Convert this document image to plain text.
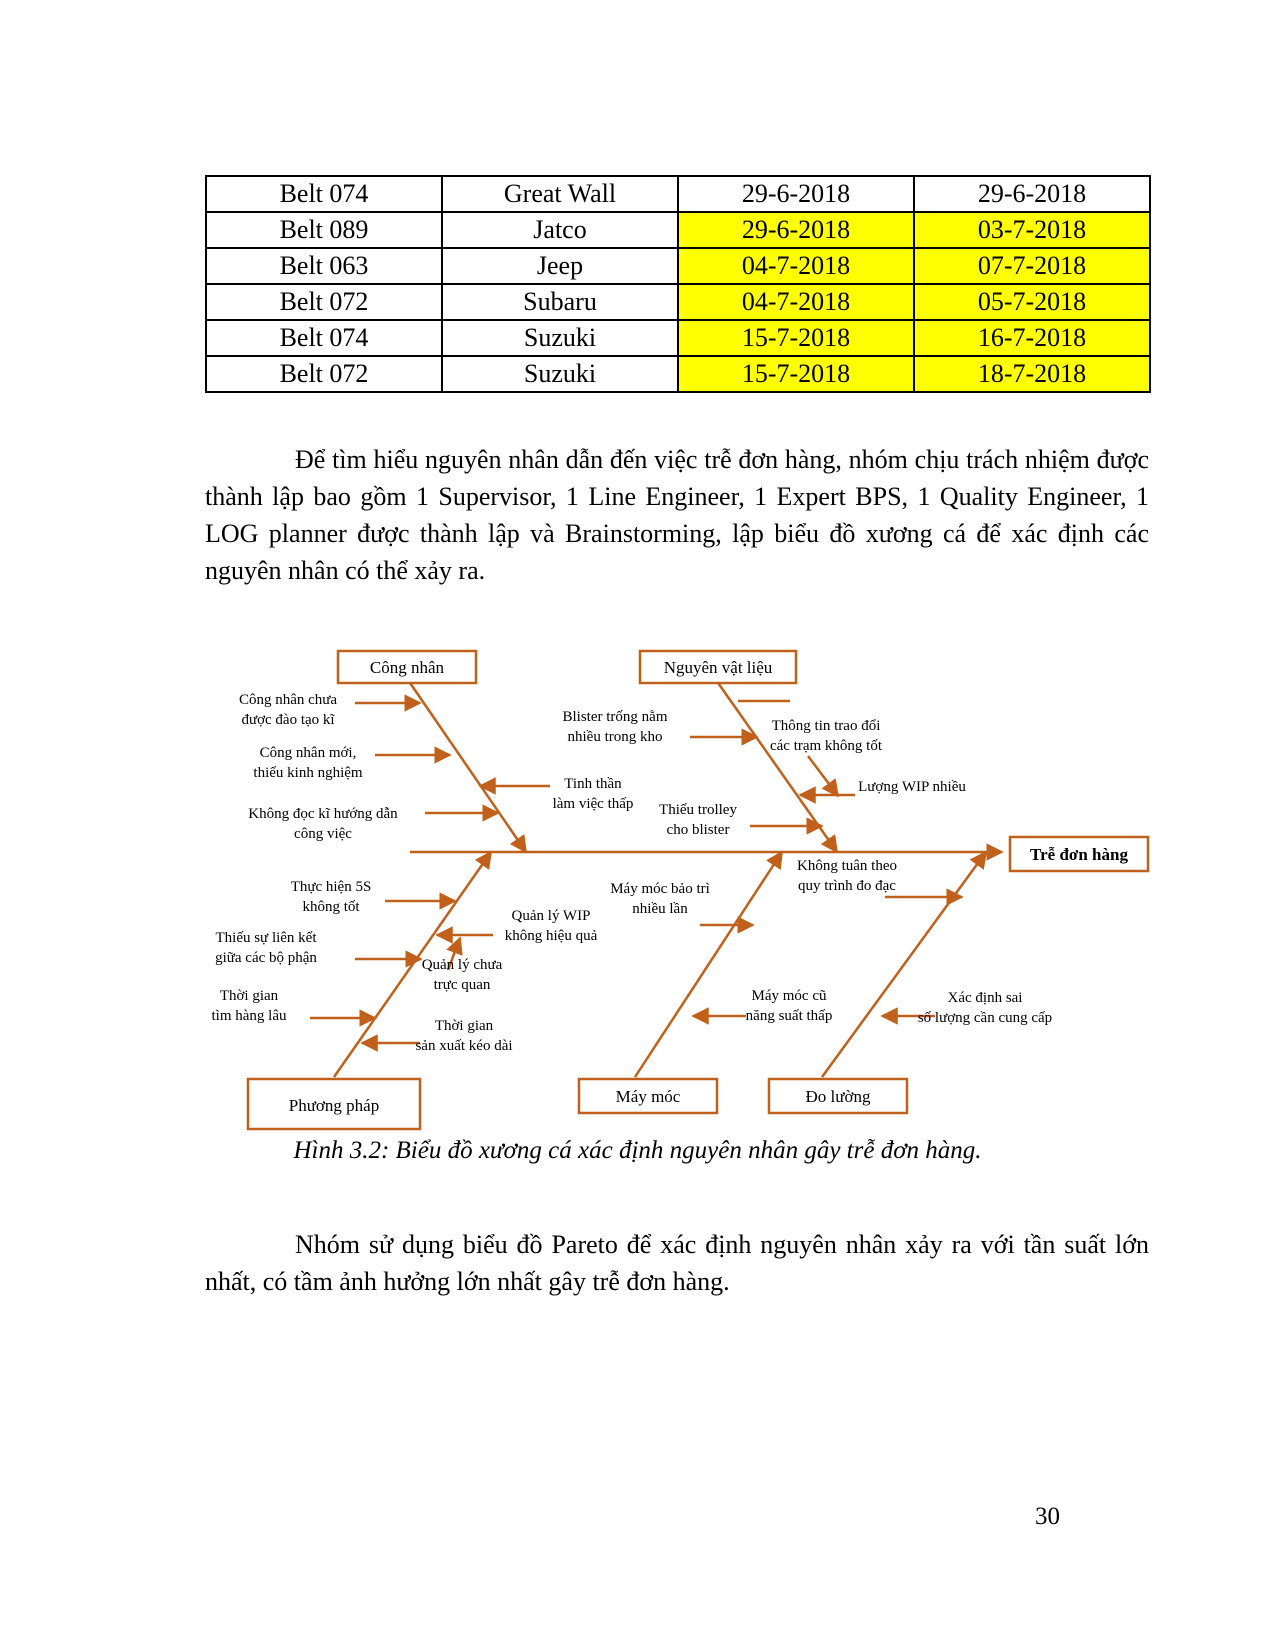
Belt 074	Great Wall	29-6-2018	29-6-2018
Belt 089	Jatco	29-6-2018	03-7-2018
Belt 063	Jeep	04-7-2018	07-7-2018
Belt 072	Subaru	04-7-2018	05-7-2018
Belt 074	Suzuki	15-7-2018	16-7-2018
Belt 072	Suzuki	15-7-2018	18-7-2018

Để tìm hiểu nguyên nhân dẫn đến việc trễ đơn hàng, nhóm chịu trách nhiệm được thành lập bao gồm 1 Supervisor, 1 Line Engineer, 1 Expert BPS, 1 Quality Engineer, 1 LOG planner được thành lập và Brainstorming, lập biểu đồ xương cá để xác định các nguyên nhân có thể xảy ra.

Công nhân	Nguyên vật liệu
Trễ đơn hàng
Phương pháp	Máy móc	Đo lường
Công nhân chưa được đào tạo kĩ
Công nhân mới, thiếu kinh nghiệm
Tinh thần làm việc thấp
Không đọc kĩ hướng dẫn công việc
Blister trống nằm nhiều trong kho
Thông tin trao đổi các trạm không tốt
Lượng WIP nhiều
Thiếu trolley cho blister
Thực hiện 5S không tốt
Quản lý WIP không hiệu quả
Thiếu sự liên kết giữa các bộ phận	Quản lý chưa trực quan
Thời gian tìm hàng lâu
Thời gian sản xuất kéo dài
Máy móc bảo trì nhiều lần
Máy móc cũ năng suất thấp
Không tuân theo quy trình đo đạc
Xác định sai số lượng cần cung cấp

Hình 3.2: Biểu đồ xương cá xác định nguyên nhân gây trễ đơn hàng.

Nhóm sử dụng biểu đồ Pareto để xác định nguyên nhân xảy ra với tần suất lớn nhất, có tầm ảnh hưởng lớn nhất gây trễ đơn hàng.

30
